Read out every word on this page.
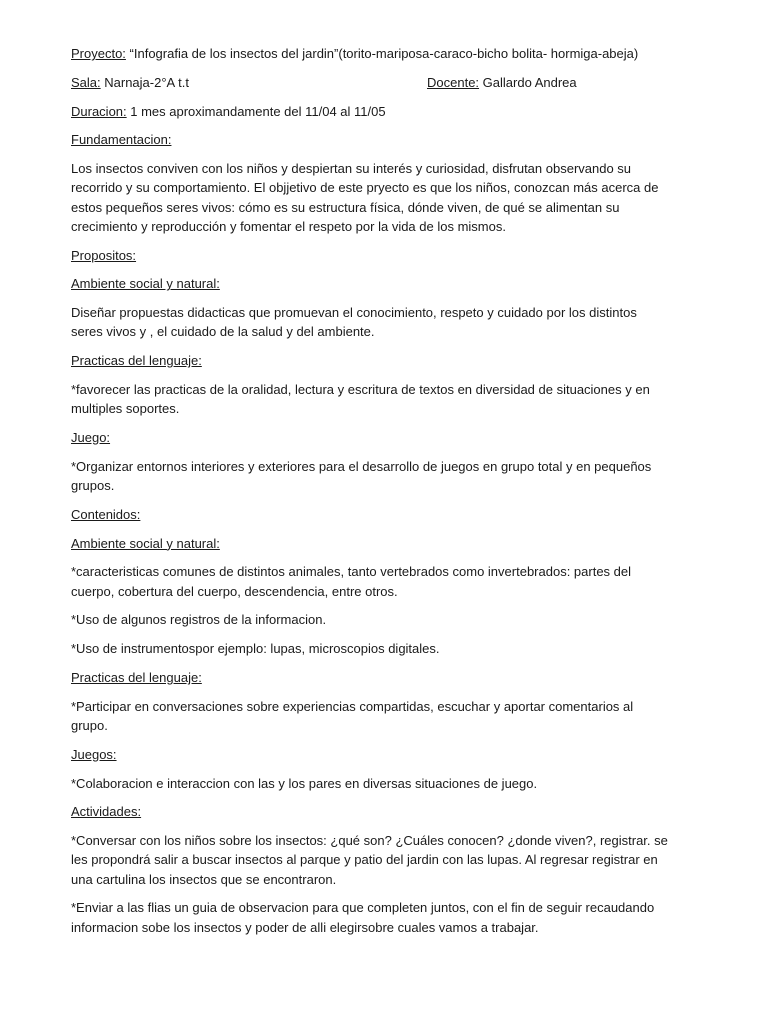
Proyecto: “Infografia de los insectos del jardin”(torito-mariposa-caraco-bicho bolita- hormiga-abeja)

Sala: Narnaja-2°A t.t	Docente: Gallardo Andrea

Duracion: 1 mes aproximandamente del 11/04 al 11/05

Fundamentacion:

Los insectos conviven con los niños y despiertan su interés y curiosidad, disfrutan observando su recorrido y su comportamiento. El objjetivo de este pryecto es que los niños, conozcan más acerca de estos pequeños seres vivos: cómo es su estructura física, dónde viven, de qué se alimentan su crecimiento y reproducción y fomentar el respeto por la vida de los mismos.

Propositos:

Ambiente social y natural:

Diseñar propuestas didacticas que promuevan el conocimiento, respeto y cuidado por los distintos seres vivos y , el cuidado de la salud y del ambiente.

Practicas del lenguaje:

*favorecer las practicas de la oralidad, lectura y escritura de textos en diversidad de situaciones y en multiples soportes.

Juego:

*Organizar entornos interiores y exteriores para el desarrollo de juegos en grupo total y en pequeños grupos.

Contenidos:

Ambiente social y natural:

*caracteristicas comunes de distintos animales, tanto vertebrados como invertebrados: partes del cuerpo, cobertura del cuerpo, descendencia, entre otros.

*Uso de algunos registros de la informacion.

*Uso de instrumentospor ejemplo: lupas, microscopios digitales.

Practicas del lenguaje:

*Participar en conversaciones sobre experiencias compartidas, escuchar y aportar comentarios al grupo.

Juegos:

*Colaboracion e interaccion con las y los pares en diversas situaciones de juego.

Actividades:

*Conversar con los niños sobre los insectos: ¿qué son? ¿Cuáles conocen? ¿donde viven?, registrar. se les propondrá salir a buscar insectos al parque y patio del jardin con las lupas. Al regresar registrar en una cartulina los insectos que se encontraron.

*Enviar a las flias un guia de observacion para que completen juntos, con el fin de seguir recaudando informacion sobe los insectos y poder de alli elegirsobre cuales vamos a trabajar.
